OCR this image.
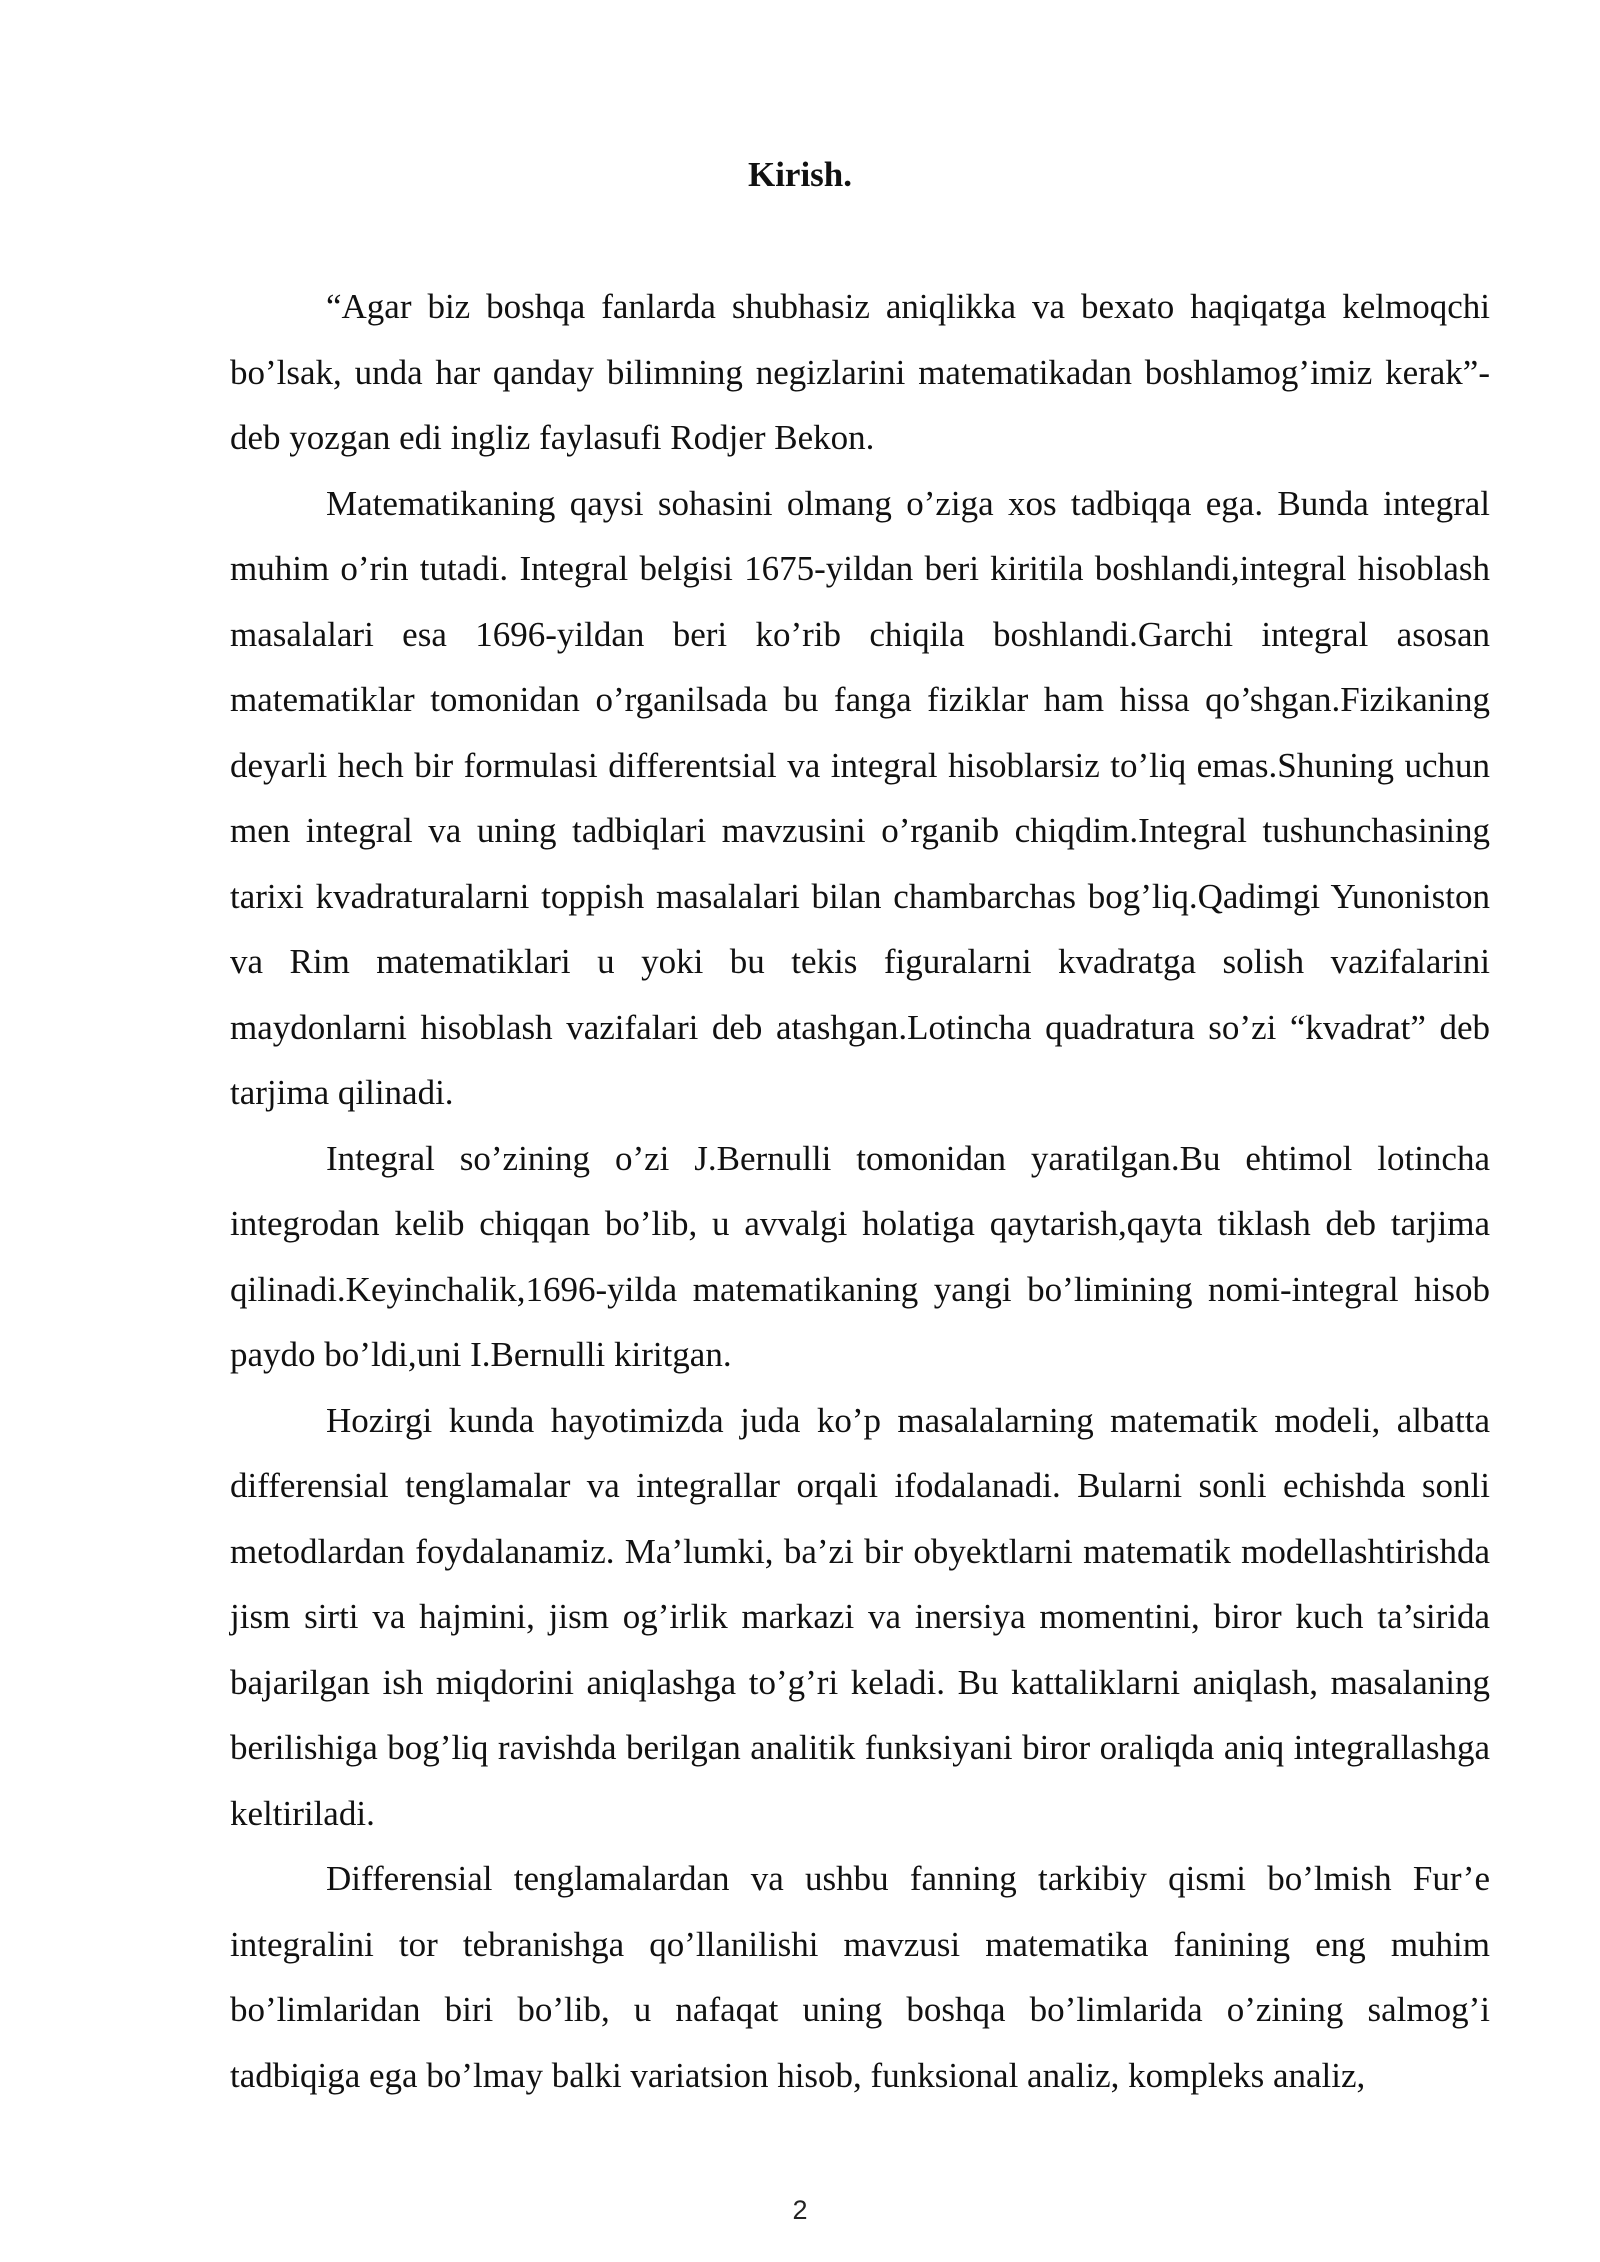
Kirish.

“Agar biz boshqa fanlarda shubhasiz aniqlikka va bexato haqiqatga kelmoqchi bo’lsak, unda har qanday bilimning negizlarini matematikadan boshlamog’imiz kerak”- deb yozgan edi ingliz faylasufi Rodjer Bekon.

Matematikaning qaysi sohasini olmang o’ziga xos tadbiqqa ega. Bunda integral muhim o’rin tutadi. Integral belgisi 1675-yildan beri kiritila boshlandi,integral hisoblash masalalari esa 1696-yildan beri ko’rib chiqila boshlandi.Garchi integral asosan matematiklar tomonidan o’rganilsada bu fanga fiziklar ham hissa qo’shgan.Fizikaning deyarli hech bir formulasi differentsial va integral hisoblarsiz to’liq emas.Shuning uchun men integral va uning tadbiqlari mavzusini o’rganib chiqdim.Integral tushunchasining tarixi kvadraturalarni toppish masalalari bilan chambarchas bog’liq.Qadimgi Yunoniston va Rim matematiklari u yoki bu tekis figuralarni kvadratga solish vazifalarini maydonlarni hisoblash vazifalari deb atashgan.Lotincha quadratura so’zi “kvadrat” deb tarjima qilinadi.

Integral so’zining o’zi J.Bernulli tomonidan yaratilgan.Bu ehtimol lotincha integrodan kelib chiqqan bo’lib, u avvalgi holatiga qaytarish,qayta tiklash deb tarjima qilinadi.Keyinchalik,1696-yilda matematikaning yangi bo’limining nomi-integral hisob paydo bo’ldi,uni I.Bernulli kiritgan.

Hozirgi kunda hayotimizda juda ko’p masalalarning matematik modeli, albatta differensial tenglamalar va integrallar orqali ifodalanadi. Bularni sonli echishda sonli metodlardan foydalanamiz. Ma’lumki, ba’zi bir obyektlarni matematik modellashtirishda jism sirti va hajmini, jism og’irlik markazi va inersiya momentini, biror kuch ta’sirida bajarilgan ish miqdorini aniqlashga to’g’ri keladi. Bu kattaliklarni aniqlash, masalaning berilishiga bog’liq ravishda berilgan analitik funksiyani biror oraliqda aniq integrallashga keltiriladi.

Differensial tenglamalardan va ushbu fanning tarkibiy qismi bo’lmish Fur’e integralini tor tebranishga qo’llanilishi mavzusi matematika fanining eng muhim bo’limlaridan biri bo’lib, u nafaqat uning boshqa bo’limlarida o’zining salmog’i tadbiqiga ega bo’lmay balki variatsion hisob, funksional analiz, kompleks analiz,

2
